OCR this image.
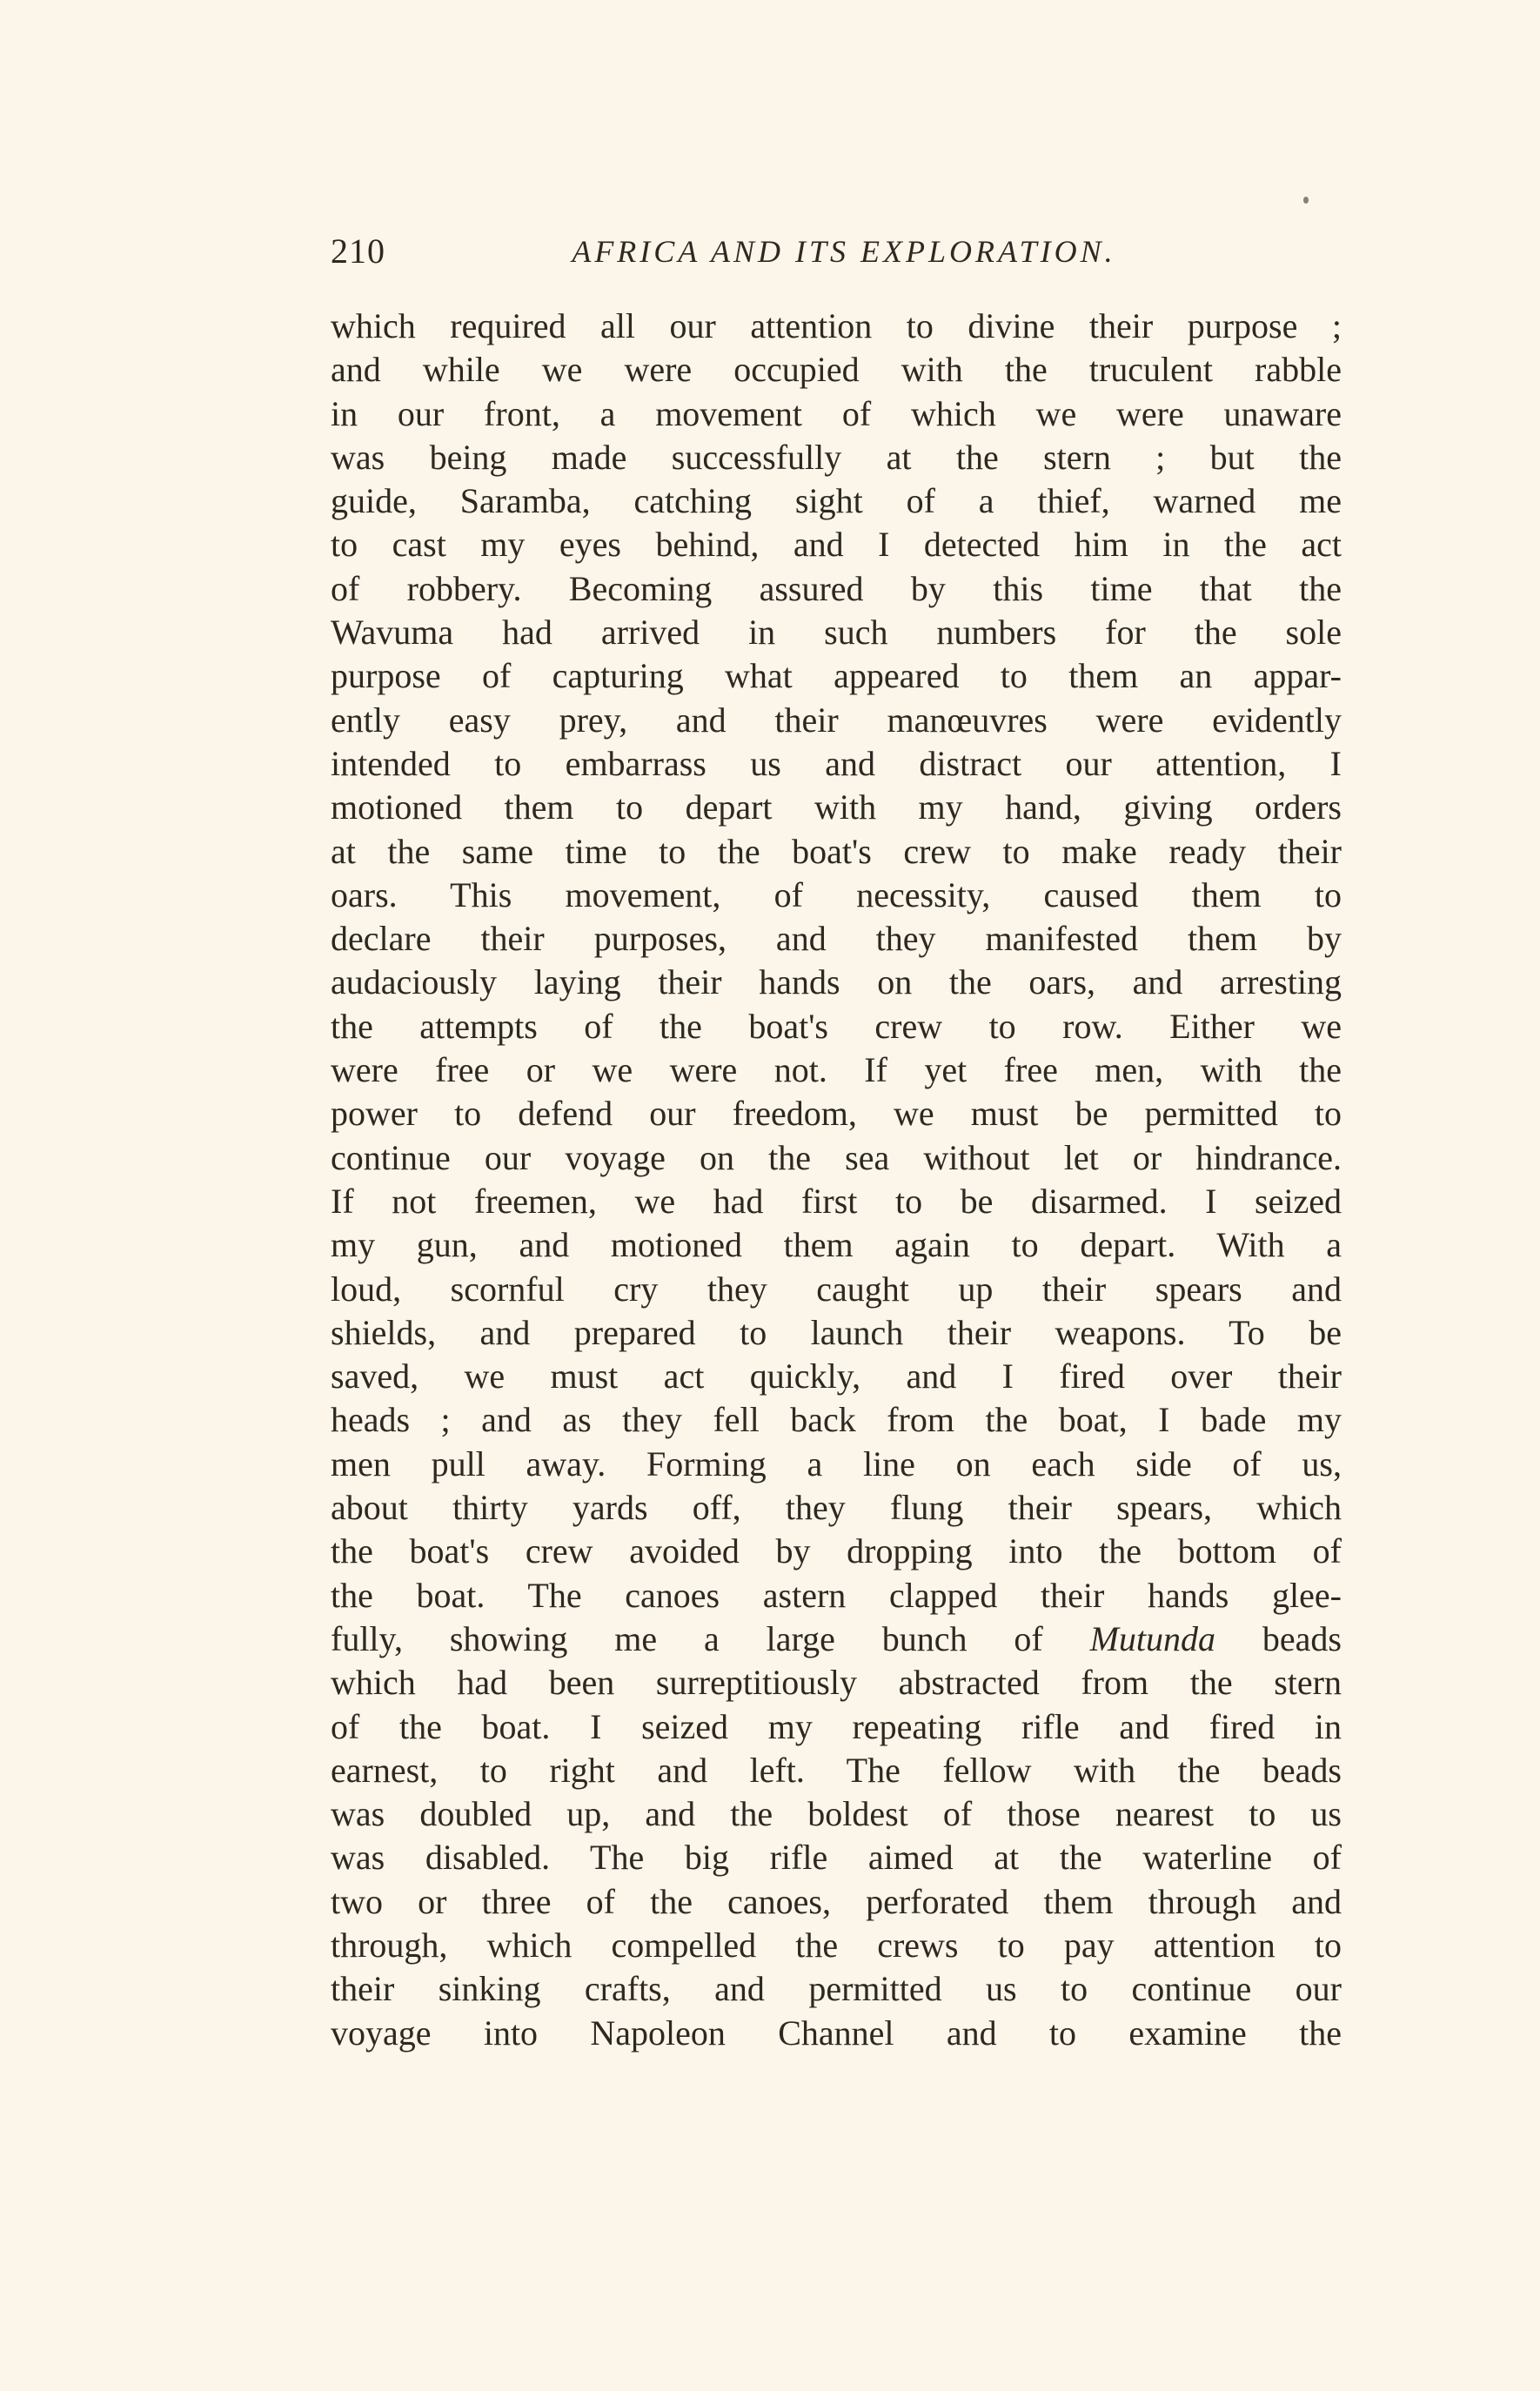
210	AFRICA AND ITS EXPLORATION.
which required all our attention to divine their purpose ;
and while we were occupied with the truculent rabble
in our front, a movement of which we were unaware
was being made successfully at the stern ; but the
guide, Saramba, catching sight of a thief, warned me
to cast my eyes behind, and I detected him in the act
of robbery. Becoming assured by this time that the
Wavuma had arrived in such numbers for the sole
purpose of capturing what appeared to them an appar-
ently easy prey, and their manœuvres were evidently
intended to embarrass us and distract our attention, I
motioned them to depart with my hand, giving orders
at the same time to the boat's crew to make ready their
oars. This movement, of necessity, caused them to
declare their purposes, and they manifested them by
audaciously laying their hands on the oars, and arresting
the attempts of the boat's crew to row. Either we
were free or we were not. If yet free men, with the
power to defend our freedom, we must be permitted to
continue our voyage on the sea without let or hindrance.
If not freemen, we had first to be disarmed. I seized
my gun, and motioned them again to depart. With a
loud, scornful cry they caught up their spears and
shields, and prepared to launch their weapons. To be
saved, we must act quickly, and I fired over their
heads ; and as they fell back from the boat, I bade my
men pull away. Forming a line on each side of us,
about thirty yards off, they flung their spears, which
the boat's crew avoided by dropping into the bottom of
the boat. The canoes astern clapped their hands glee-
fully, showing me a large bunch of Mutunda beads
which had been surreptitiously abstracted from the stern
of the boat. I seized my repeating rifle and fired in
earnest, to right and left. The fellow with the beads
was doubled up, and the boldest of those nearest to us
was disabled. The big rifle aimed at the waterline of
two or three of the canoes, perforated them through and
through, which compelled the crews to pay attention to
their sinking crafts, and permitted us to continue our
voyage into Napoleon Channel and to examine the
